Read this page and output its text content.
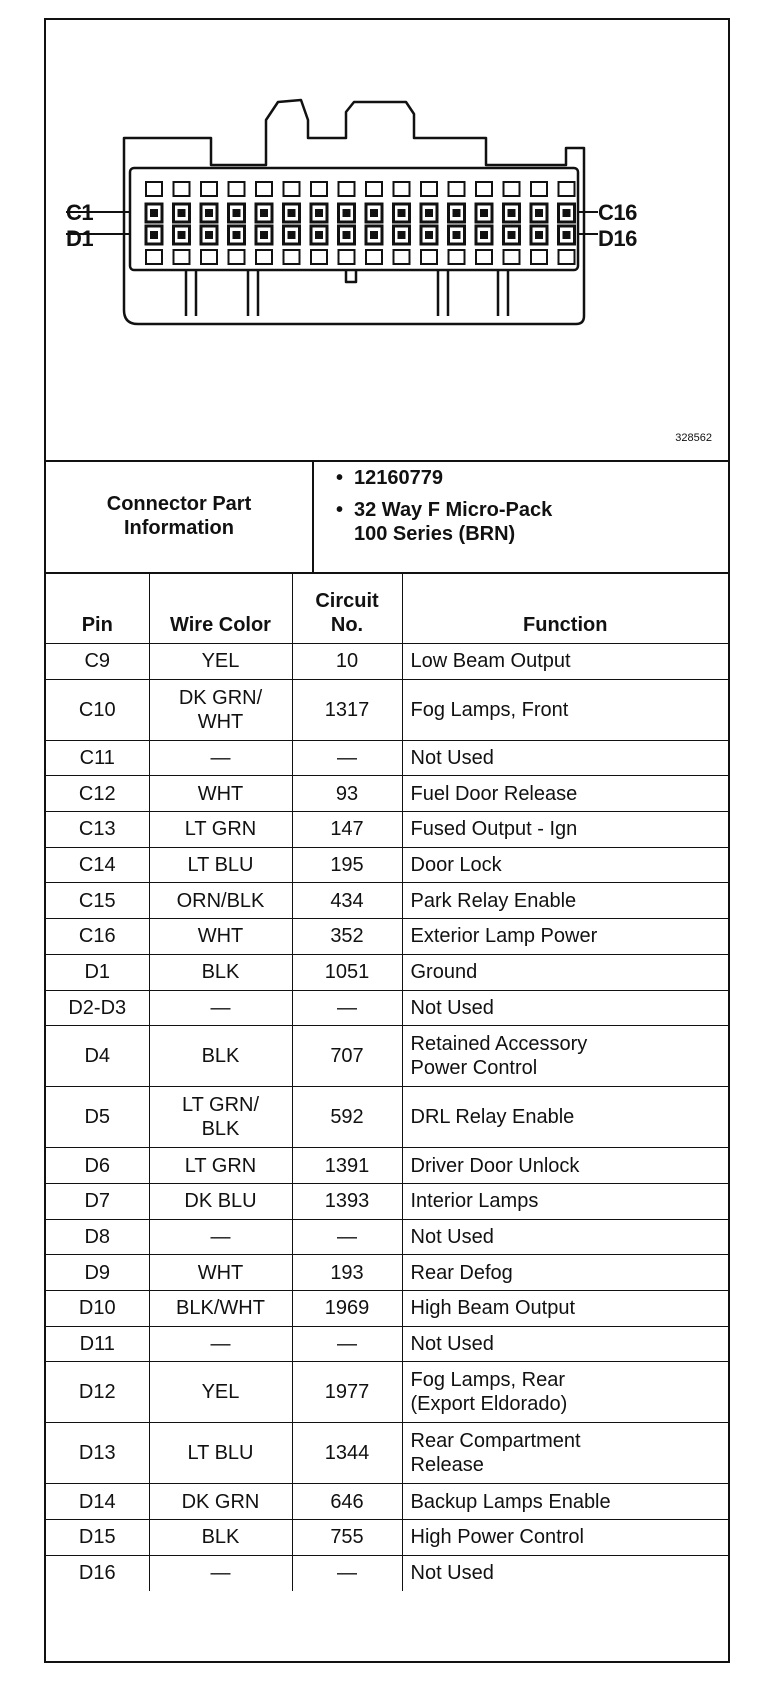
C1
D1
C16
D16
328562
Connector Part
Information
• 12160779
• 32 Way F Micro-Pack
100 Series (BRN)
Pin	Wire Color	Circuit
No.	Function

C9	YEL	10	Low Beam Output

C10	DK GRN/
WHT	1317	Fog Lamps, Front

C11	—	—	Not Used

C12	WHT	93	Fuel Door Release

C13	LT GRN	147	Fused Output - Ign

C14	LT BLU	195	Door Lock

C15	ORN/BLK	434	Park Relay Enable

C16	WHT	352	Exterior Lamp Power

D1	BLK	1051	Ground

D2-D3	—	—	Not Used

D4	BLK	707	Retained Accessory
Power Control

D5	LT GRN/
BLK	592	DRL Relay Enable

D6	LT GRN	1391	Driver Door Unlock

D7	DK BLU	1393	Interior Lamps

D8	—	—	Not Used

D9	WHT	193	Rear Defog

D10	BLK/WHT	1969	High Beam Output

D11	—	—	Not Used

D12	YEL	1977	Fog Lamps, Rear
(Export Eldorado)

D13	LT BLU	1344	Rear Compartment
Release

D14	DK GRN	646	Backup Lamps Enable

D15	BLK	755	High Power Control

D16	—	—	Not Used
